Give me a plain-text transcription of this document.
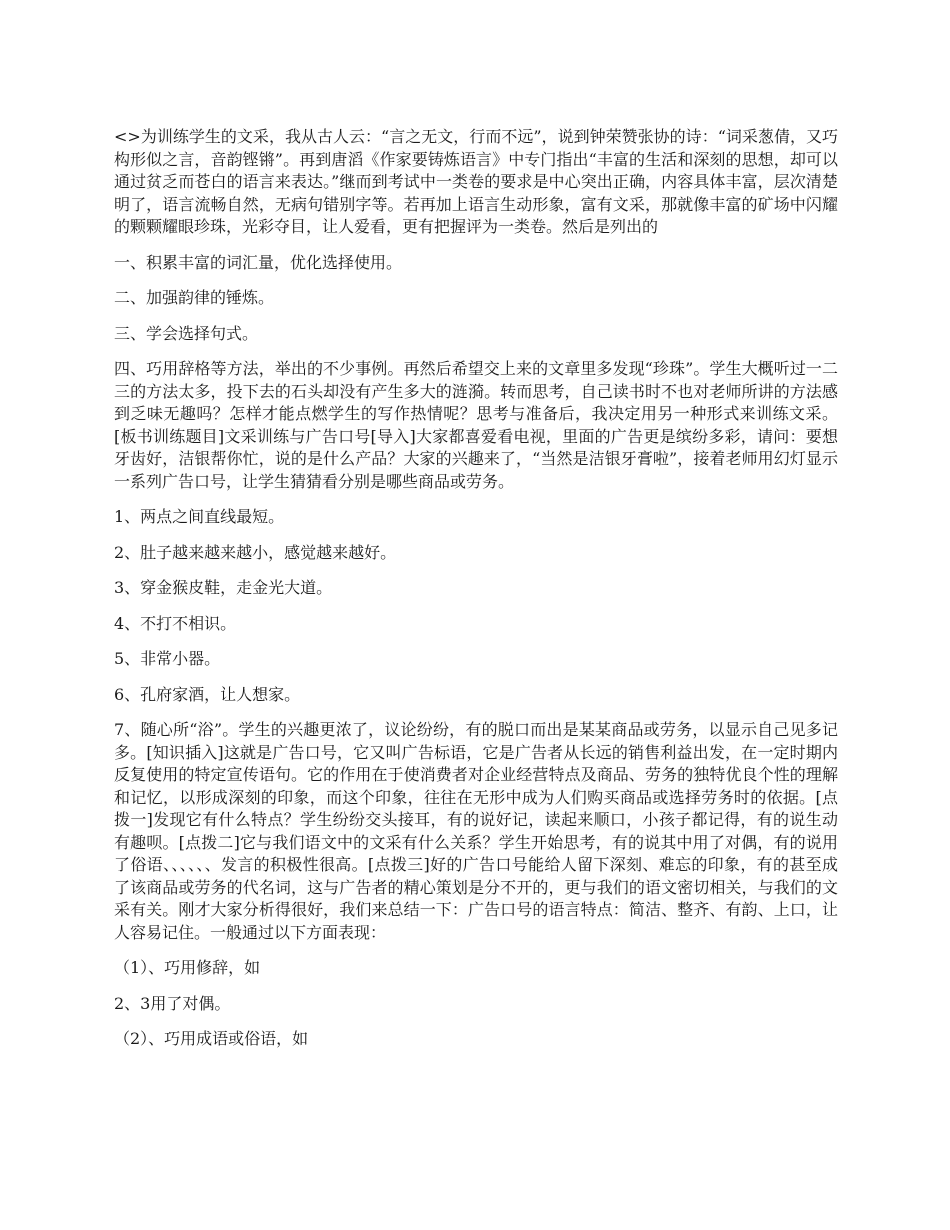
<>为训练学生的文采，我从古人云：“言之无文，行而不远”，说到钟荣赞张协的诗：“词采葱倩，又巧构形似之言，音韵铿锵”。再到唐滔《作家要铸炼语言》中专门指出“丰富的生活和深刻的思想，却可以通过贫乏而苍白的语言来表达。”继而到考试中一类卷的要求是中心突出正确，内容具体丰富，层次清楚明了，语言流畅自然，无病句错别字等。若再加上语言生动形象，富有文采，那就像丰富的矿场中闪耀的颗颗耀眼珍珠，光彩夺目，让人爱看，更有把握评为一类卷。然后是列出的

一、积累丰富的词汇量，优化选择使用。

二、加强韵律的锤炼。

三、学会选择句式。

四、巧用辞格等方法，举出的不少事例。再然后希望交上来的文章里多发现“珍珠”。学生大概听过一二三的方法太多，投下去的石头却没有产生多大的涟漪。转而思考，自己读书时不也对老师所讲的方法感到乏味无趣吗？怎样才能点燃学生的写作热情呢？思考与准备后，我决定用另一种形式来训练文采。[板书训练题目]文采训练与广告口号[导入]大家都喜爱看电视，里面的广告更是缤纷多彩，请问：要想牙齿好，洁银帮你忙，说的是什么产品？大家的兴趣来了，“当然是洁银牙膏啦”，接着老师用幻灯显示一系列广告口号，让学生猜猜看分别是哪些商品或劳务。

1、两点之间直线最短。

2、肚子越来越来越小，感觉越来越好。

3、穿金猴皮鞋，走金光大道。

4、不打不相识。

5、非常小器。

6、孔府家酒，让人想家。

7、随心所“浴”。学生的兴趣更浓了，议论纷纷，有的脱口而出是某某商品或劳务，以显示自己见多记多。[知识插入]这就是广告口号，它又叫广告标语，它是广告者从长远的销售利益出发，在一定时期内反复使用的特定宣传语句。它的作用在于使消费者对企业经营特点及商品、劳务的独特优良个性的理解和记忆，以形成深刻的印象，而这个印象，往往在无形中成为人们购买商品或选择劳务时的依据。[点拨一]发现它有什么特点？学生纷纷交头接耳，有的说好记，读起来顺口，小孩子都记得，有的说生动有趣呗。[点拨二]它与我们语文中的文采有什么关系？学生开始思考，有的说其中用了对偶，有的说用了俗语、、、、、、发言的积极性很高。[点拨三]好的广告口号能给人留下深刻、难忘的印象，有的甚至成了该商品或劳务的代名词，这与广告者的精心策划是分不开的，更与我们的语文密切相关，与我们的文采有关。刚才大家分析得很好，我们来总结一下：广告口号的语言特点：简洁、整齐、有韵、上口，让人容易记住。一般通过以下方面表现：

（1）、巧用修辞，如

2、3用了对偶。

（2）、巧用成语或俗语，如
